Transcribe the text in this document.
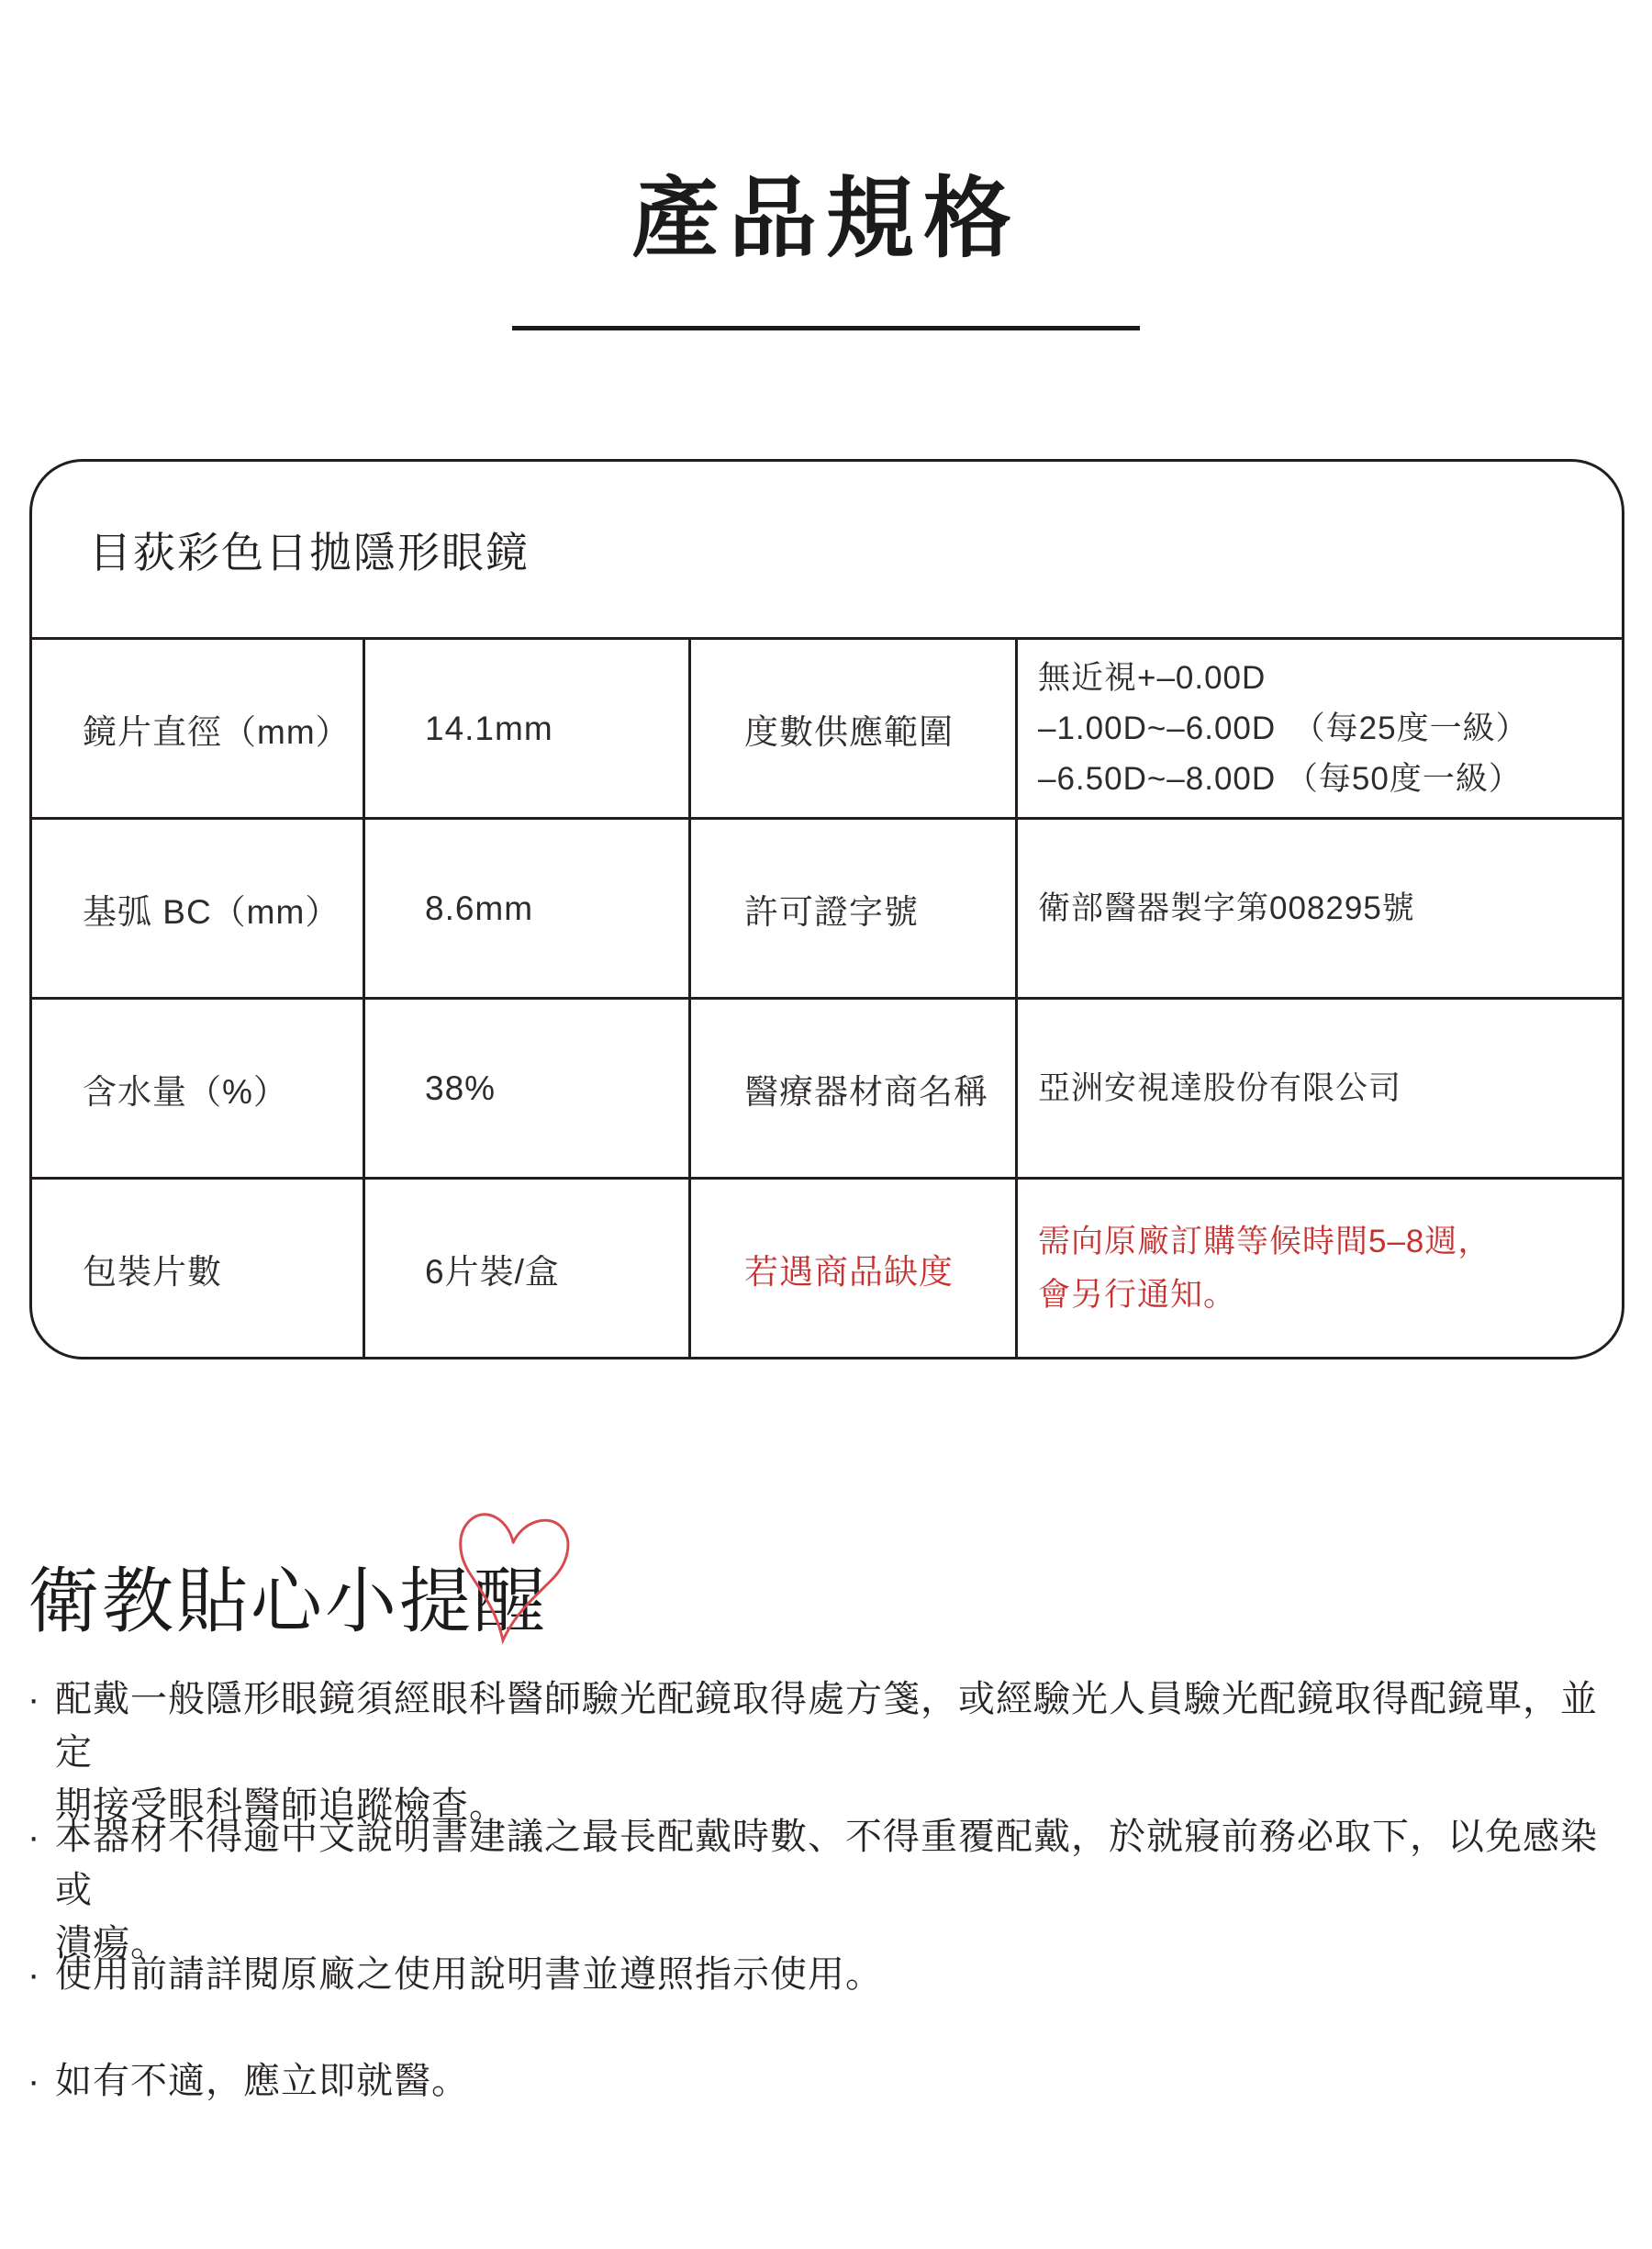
產品規格
目荻彩色日拋隱形眼鏡
鏡片直徑（mm）	14.1mm	度數供應範圍
無近視+–0.00D
–1.00D~–6.00D　（每25度一級）
–6.50D~–8.00D （每50度一級）
基弧 BC（mm）	8.6mm	許可證字號	衛部醫器製字第008295號
含水量（%）	38%	醫療器材商名稱	亞洲安視達股份有限公司
包裝片數	6片裝/盒	若遇商品缺度
需向原廠訂購等候時間5–8週，
會另行通知。
衛教貼心小提醒
· 配戴一般隱形眼鏡須經眼科醫師驗光配鏡取得處方箋，或經驗光人員驗光配鏡取得配鏡單，並定
期接受眼科醫師追蹤檢查。
· 本器材不得逾中文說明書建議之最長配戴時數、不得重覆配戴，於就寢前務必取下，以免感染或
潰瘍。
· 使用前請詳閱原廠之使用說明書並遵照指示使用。
· 如有不適，應立即就醫。
